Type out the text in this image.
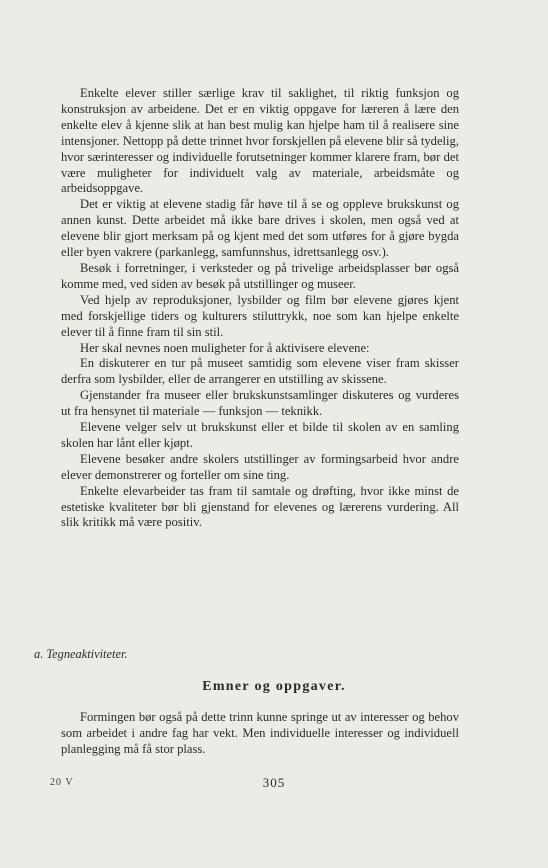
Enkelte elever stiller særlige krav til saklighet, til riktig funksjon og konstruksjon av arbeidene. Det er en viktig oppgave for læreren å lære den enkelte elev å kjenne slik at han best mulig kan hjelpe ham til å realisere sine intensjoner. Nettopp på dette trinnet hvor forskjellen på elevene blir så tydelig, hvor særinteresser og individuelle forutsetninger kommer klarere fram, bør det være muligheter for individuelt valg av materiale, arbeidsmåte og arbeidsoppgave.

Det er viktig at elevene stadig får høve til å se og oppleve brukskunst og annen kunst. Dette arbeidet må ikke bare drives i skolen, men også ved at elevene blir gjort merksam på og kjent med det som utføres for å gjøre bygda eller byen vakrere (parkanlegg, samfunnshus, idrettsanlegg osv.).

Besøk i forretninger, i verksteder og på trivelige arbeidsplasser bør også komme med, ved siden av besøk på utstillinger og museer.

Ved hjelp av reproduksjoner, lysbilder og film bør elevene gjøres kjent med forskjellige tiders og kulturers stiluttrykk, noe som kan hjelpe enkelte elever til å finne fram til sin stil.

Her skal nevnes noen muligheter for å aktivisere elevene:

En diskuterer en tur på museet samtidig som elevene viser fram skisser derfra som lysbilder, eller de arrangerer en utstilling av skissene.

Gjenstander fra museer eller brukskunstsamlinger diskuteres og vurderes ut fra hensynet til materiale — funksjon — teknikk.

Elevene velger selv ut brukskunst eller et bilde til skolen av en samling skolen har lånt eller kjøpt.

Elevene besøker andre skolers utstillinger av formingsarbeid hvor andre elever demonstrerer og forteller om sine ting.

Enkelte elevarbeider tas fram til samtale og drøfting, hvor ikke minst de estetiske kvaliteter bør bli gjenstand for elevenes og lærerens vurdering. All slik kritikk må være positiv.

a. Tegneaktiviteter.

Emner og oppgaver.

Formingen bør også på dette trinn kunne springe ut av interesser og behov som arbeidet i andre fag har vekt. Men individuelle interesser og individuell planlegging må få stor plass.

20 V	305
